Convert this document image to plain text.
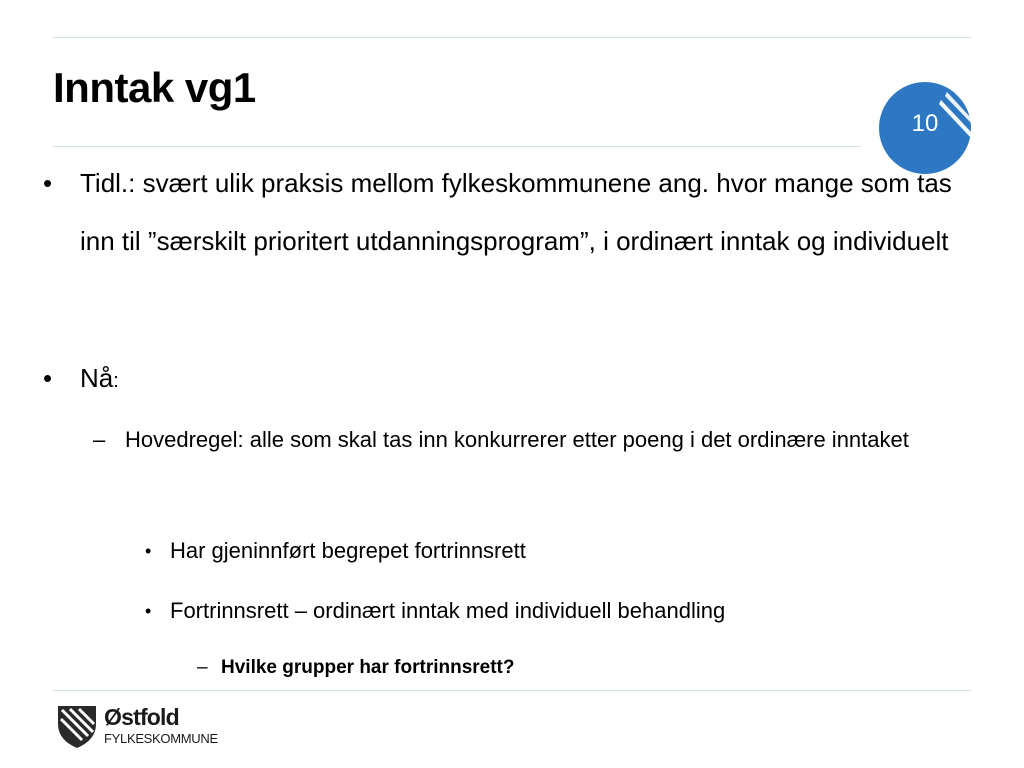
Inntak vg1
10
• Tidl.: svært ulik praksis mellom fylkeskommunene ang. hvor mange som tas inn til ”særskilt prioritert utdanningsprogram”, i ordinært inntak og individuelt
• Nå:
– Hovedregel: alle som skal tas inn konkurrerer etter poeng i det ordinære inntaket
• Har gjeninnført begrepet fortrinnsrett
• Fortrinnsrett – ordinært inntak med individuell behandling
– Hvilke grupper har fortrinnsrett?
Østfold
FYLKESKOMMUNE
